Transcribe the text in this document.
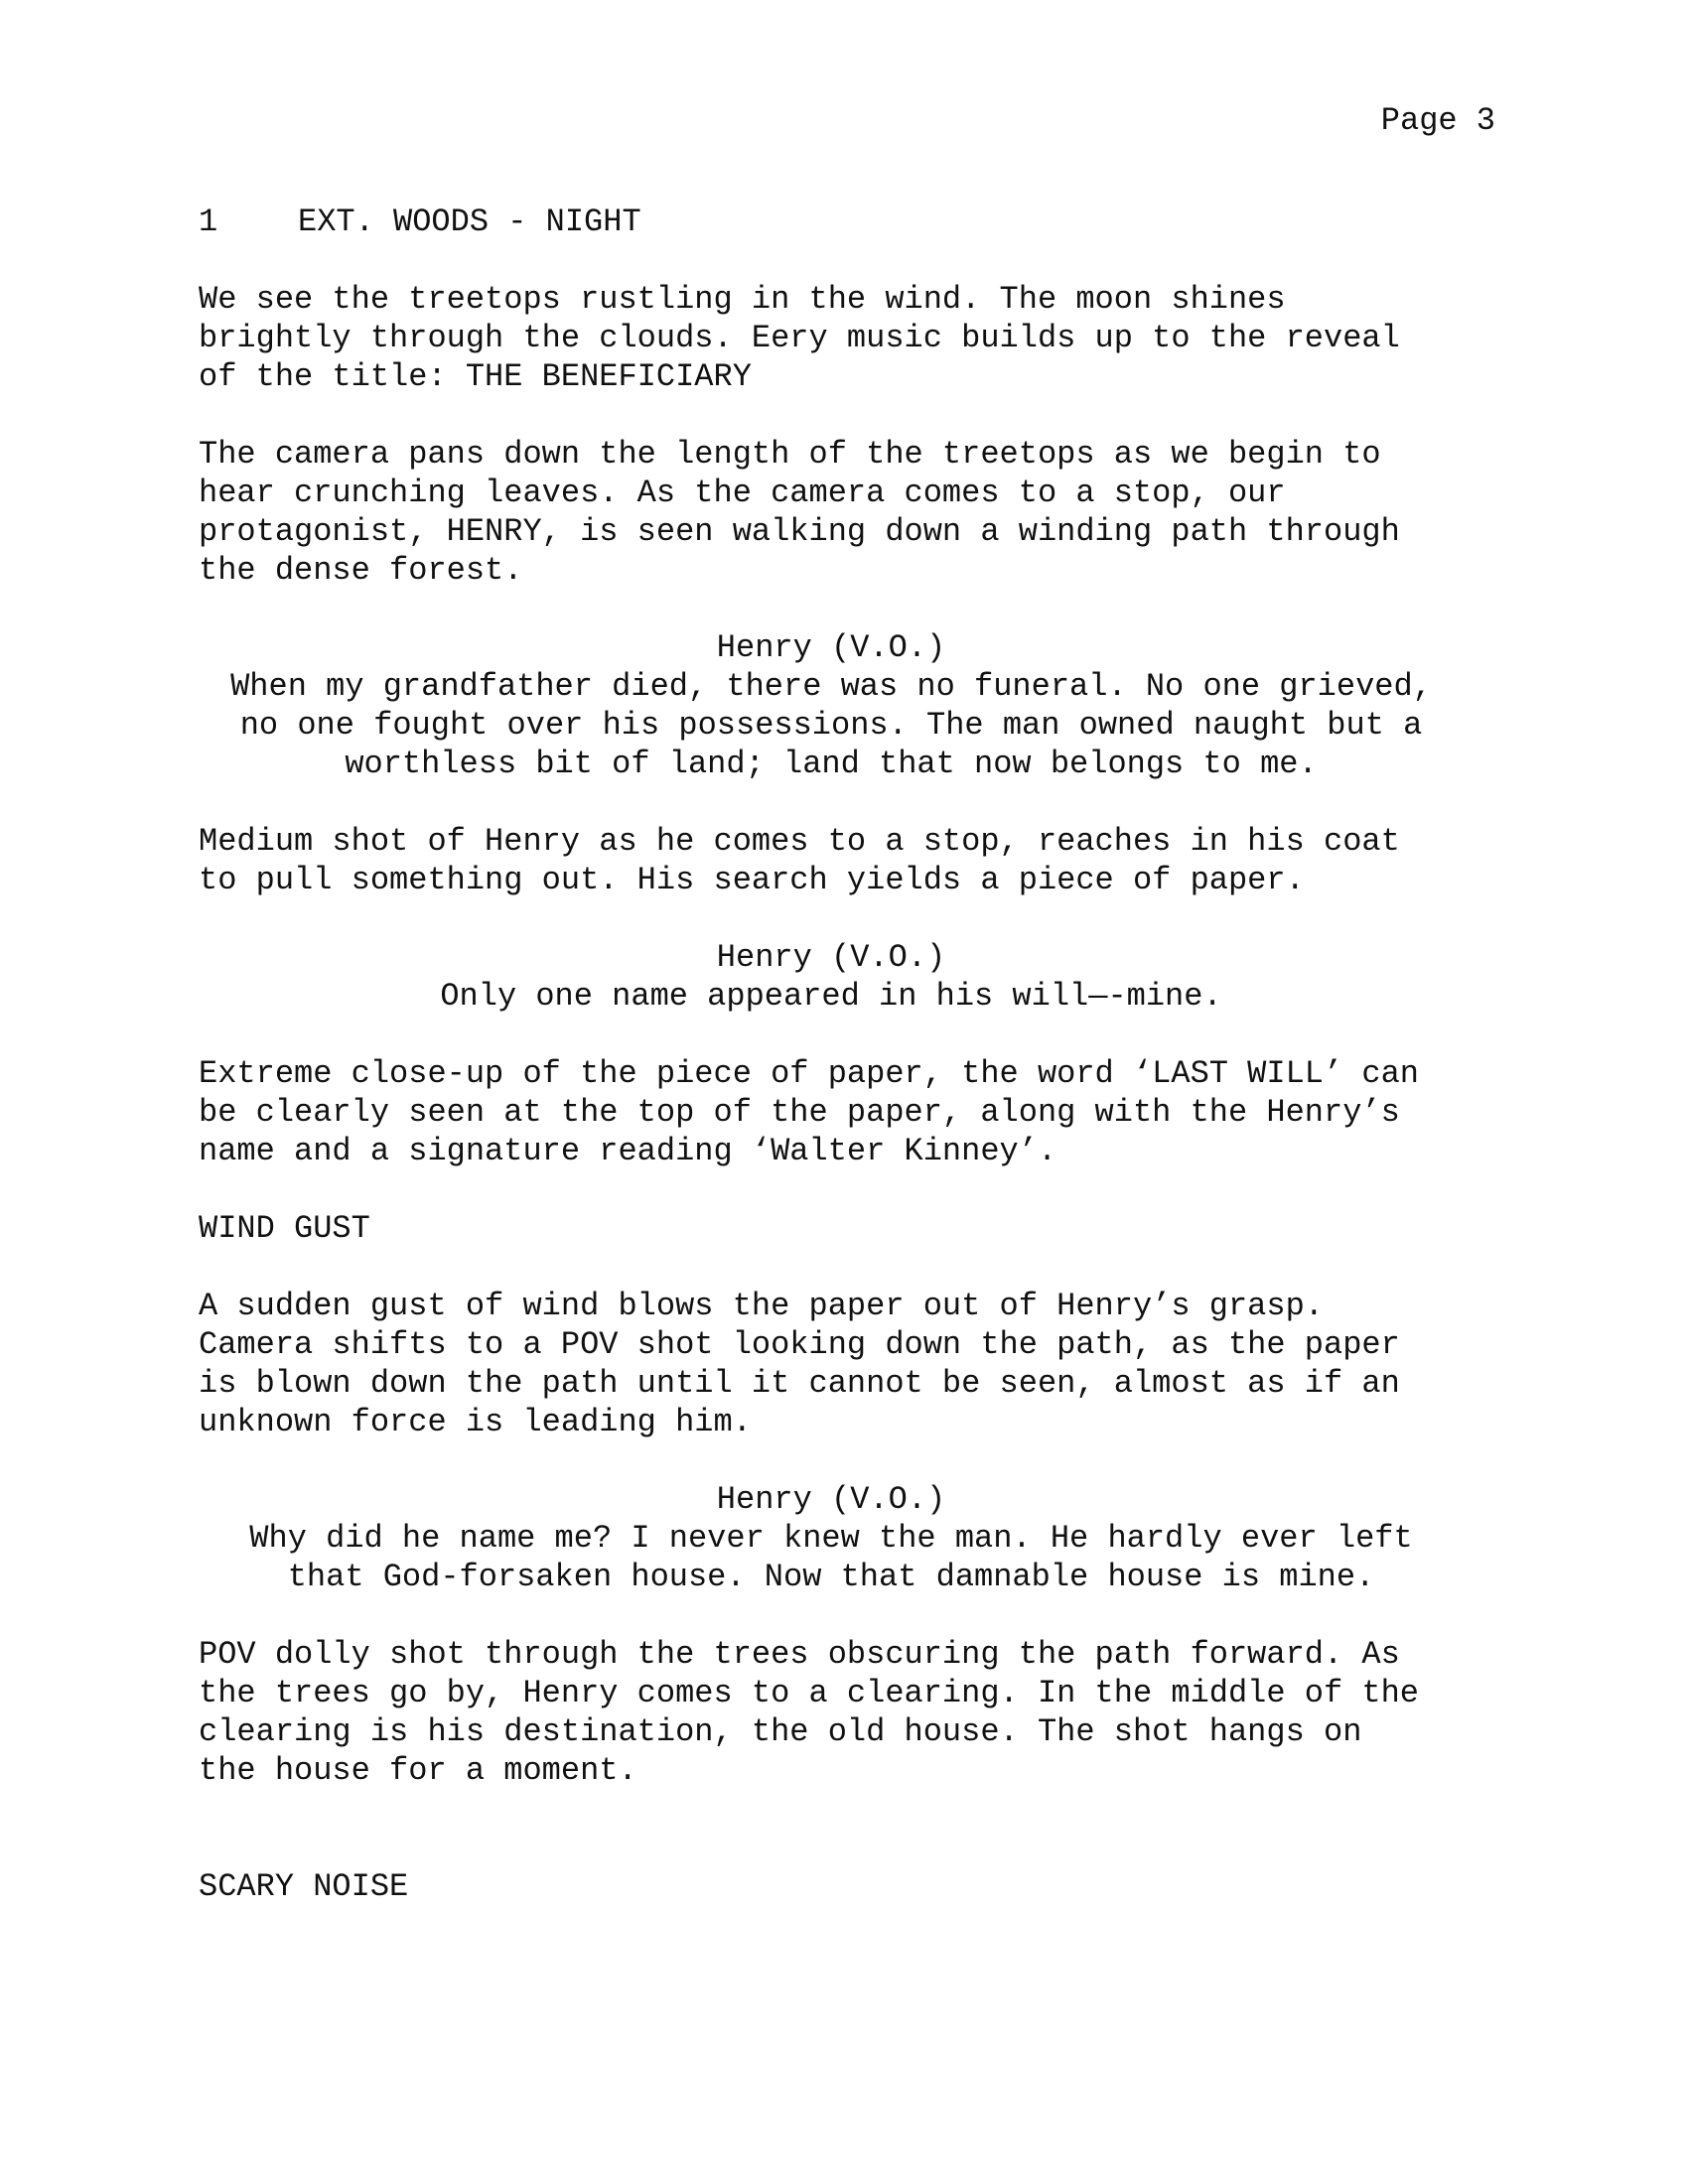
Page 3
1	EXT. WOODS - NIGHT
We see the treetops rustling in the wind. The moon shines
brightly through the clouds. Eery music builds up to the reveal
of the title: THE BENEFICIARY
The camera pans down the length of the treetops as we begin to
hear crunching leaves. As the camera comes to a stop, our
protagonist, HENRY, is seen walking down a winding path through
the dense forest.
Henry (V.O.)
When my grandfather died, there was no funeral. No one grieved,
no one fought over his possessions. The man owned naught but a
worthless bit of land; land that now belongs to me.
Medium shot of Henry as he comes to a stop, reaches in his coat
to pull something out. His search yields a piece of paper.
Henry (V.O.)
Only one name appeared in his will—-mine.
Extreme close-up of the piece of paper, the word ‘LAST WILL’ can
be clearly seen at the top of the paper, along with the Henry’s
name and a signature reading ‘Walter Kinney’.
WIND GUST
A sudden gust of wind blows the paper out of Henry’s grasp.
Camera shifts to a POV shot looking down the path, as the paper
is blown down the path until it cannot be seen, almost as if an
unknown force is leading him.
Henry (V.O.)
Why did he name me? I never knew the man. He hardly ever left
that God-forsaken house. Now that damnable house is mine.
POV dolly shot through the trees obscuring the path forward. As
the trees go by, Henry comes to a clearing. In the middle of the
clearing is his destination, the old house. The shot hangs on
the house for a moment.
SCARY NOISE
